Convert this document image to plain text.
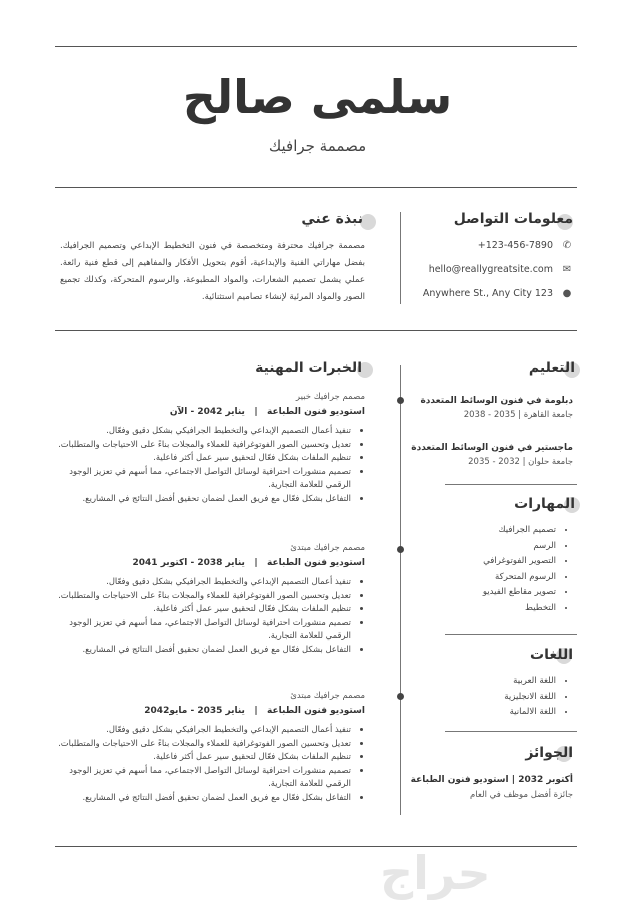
سلمى صالح
مصممة جرافيك
معلومات التواصل
+123-456-7890 ✆
hello@reallygreatsite.com ✉
Anywhere St., Any City 123 ●
نبذة عني
مصممة جرافيك محترفة ومتخصصة في فنون التخطيط الإبداعي وتصميم الجرافيك. بفضل مهاراتي الفنية والإبداعية، أقوم بتحويل الأفكار والمفاهيم إلى قطع فنية رائعة. عملي يشمل تصميم الشعارات، والمواد المطبوعة، والرسوم المتحركة، وكذلك تجميع الصور والمواد المرئية لإنشاء تصاميم استثنائية.
التعليم
دبلومة في فنون الوسائط المتعددة
جامعة القاهرة | 2035 - 2038
ماجستير في فنون الوسائط المتعددة
جامعة حلوان | 2032 - 2035
المهارات
• تصميم الجرافيك
• الرسم
• التصوير الفوتوغرافي
• الرسوم المتحركة
• تصوير مقاطع الفيديو
• التخطيط
اللغات
• اللغة العربية
• اللغة الانجليزية
• اللغة الالمانية
الجوائز
أكتوبر 2032 | استوديو فنون الطباعة
جائزة أفضل موظف في العام
الخبرات المهنية
مصمم جرافيك خبير
استوديو فنون الطباعة   |   يناير 2042 - الآن
• تنفيذ أعمال التصميم الإبداعي والتخطيط الجرافيكي بشكل دقيق وفعّال.
• تعديل وتحسين الصور الفوتوغرافية للعملاء والمجلات بناءً على الاحتياجات والمتطلبات.
• تنظيم الملفات بشكل فعّال لتحقيق سير عمل أكثر فاعلية.
• تصميم منشورات احترافية لوسائل التواصل الاجتماعي، مما أسهم في تعزيز الوجود الرقمي للعلامة التجارية.
• التفاعل بشكل فعّال مع فريق العمل لضمان تحقيق أفضل النتائج في المشاريع.
مصمم جرافيك مبتدئ
استوديو فنون الطباعة   |   يناير 2038 - اكتوبر 2041
• تنفيذ أعمال التصميم الإبداعي والتخطيط الجرافيكي بشكل دقيق وفعّال.
• تعديل وتحسين الصور الفوتوغرافية للعملاء والمجلات بناءً على الاحتياجات والمتطلبات.
• تنظيم الملفات بشكل فعّال لتحقيق سير عمل أكثر فاعلية.
• تصميم منشورات احترافية لوسائل التواصل الاجتماعي، مما أسهم في تعزيز الوجود الرقمي للعلامة التجارية.
• التفاعل بشكل فعّال مع فريق العمل لضمان تحقيق أفضل النتائج في المشاريع.
مصمم جرافيك مبتدئ
استوديو فنون الطباعة   |   يناير 2035 - مايو2042
• تنفيذ أعمال التصميم الإبداعي والتخطيط الجرافيكي بشكل دقيق وفعّال.
• تعديل وتحسين الصور الفوتوغرافية للعملاء والمجلات بناءً على الاحتياجات والمتطلبات.
• تنظيم الملفات بشكل فعّال لتحقيق سير عمل أكثر فاعلية.
• تصميم منشورات احترافية لوسائل التواصل الاجتماعي، مما أسهم في تعزيز الوجود الرقمي للعلامة التجارية.
• التفاعل بشكل فعّال مع فريق العمل لضمان تحقيق أفضل النتائج في المشاريع.
حراج
